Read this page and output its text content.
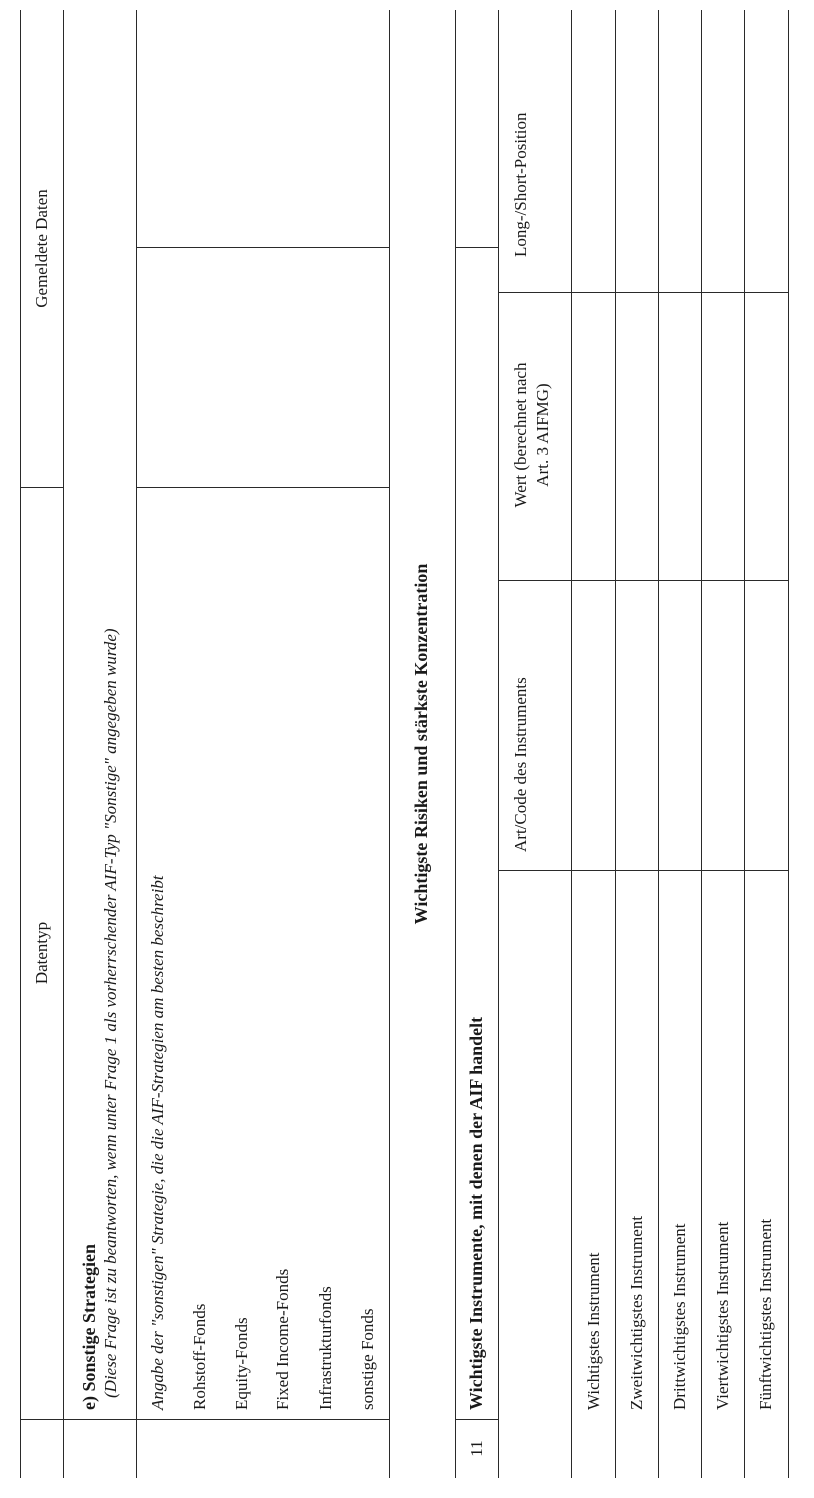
Datentyp
Gemeldete Daten
e) Sonstige Strategien (Diese Frage ist zu beantworten, wenn unter Frage 1 als vorherrschender AIF-Typ "Sonstige" angegeben wurde) Angabe der "sonstigen" Strategie, die die AIF-Strategien am besten beschreibt Rohstoff-Fonds Equity-Fonds Fixed Income-Fonds Infrastrukturfonds sonstige Fonds
Wichtigste Risiken und stärkste Konzentration
11
Wichtigste Instrumente, mit denen der AIF handelt
Art/Code des Instruments
Wert (berechnet nach Art. 3 AIFMG)
Long-/Short-Position
Wichtigstes Instrument Zweitwichtigstes Instrument Drittwichtigstes Instrument Viertwichtigstes Instrument Fünftwichtigstes Instrument
